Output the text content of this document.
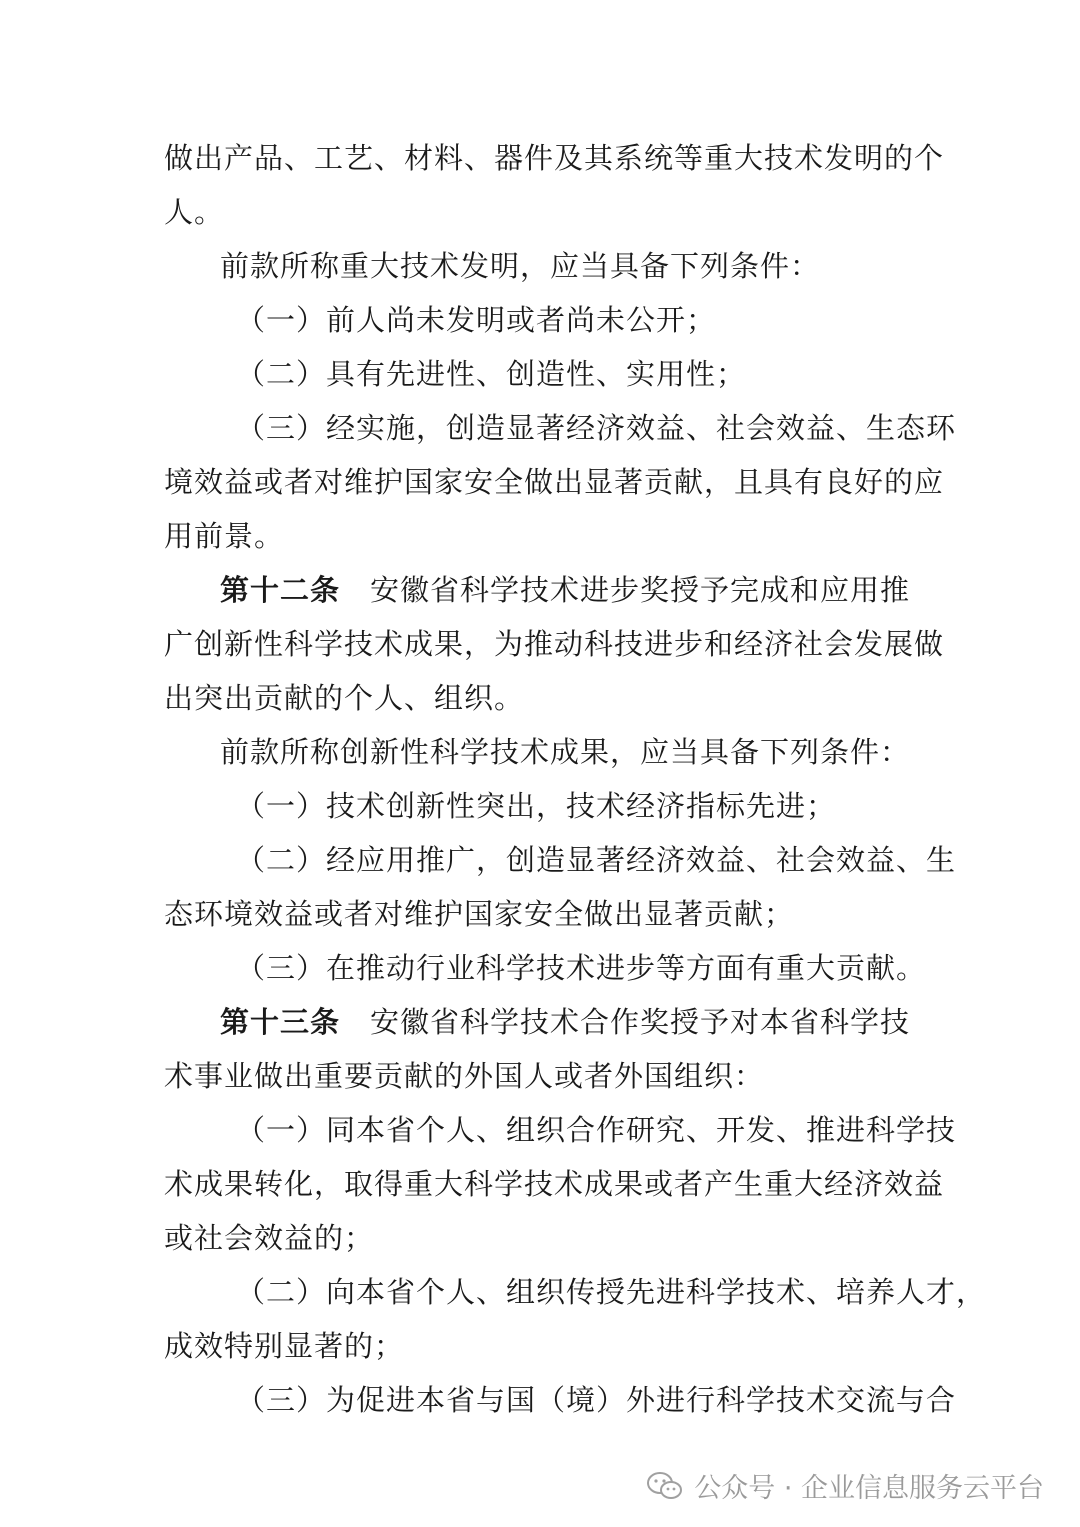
做出产品、工艺、材料、器件及其系统等重大技术发明的个
人。
前款所称重大技术发明，应当具备下列条件：
（一）前人尚未发明或者尚未公开；
（二）具有先进性、创造性、实用性；
（三）经实施，创造显著经济效益、社会效益、生态环
境效益或者对维护国家安全做出显著贡献，且具有良好的应
用前景。
第十二条 安徽省科学技术进步奖授予完成和应用推
广创新性科学技术成果，为推动科技进步和经济社会发展做
出突出贡献的个人、组织。
前款所称创新性科学技术成果，应当具备下列条件：
（一）技术创新性突出，技术经济指标先进；
（二）经应用推广，创造显著经济效益、社会效益、生
态环境效益或者对维护国家安全做出显著贡献；
（三）在推动行业科学技术进步等方面有重大贡献。
第十三条 安徽省科学技术合作奖授予对本省科学技
术事业做出重要贡献的外国人或者外国组织：
（一）同本省个人、组织合作研究、开发、推进科学技
术成果转化，取得重大科学技术成果或者产生重大经济效益
或社会效益的；
（二）向本省个人、组织传授先进科学技术、培养人才，
成效特别显著的；
（三）为促进本省与国（境）外进行科学技术交流与合
公众号 · 企业信息服务云平台
